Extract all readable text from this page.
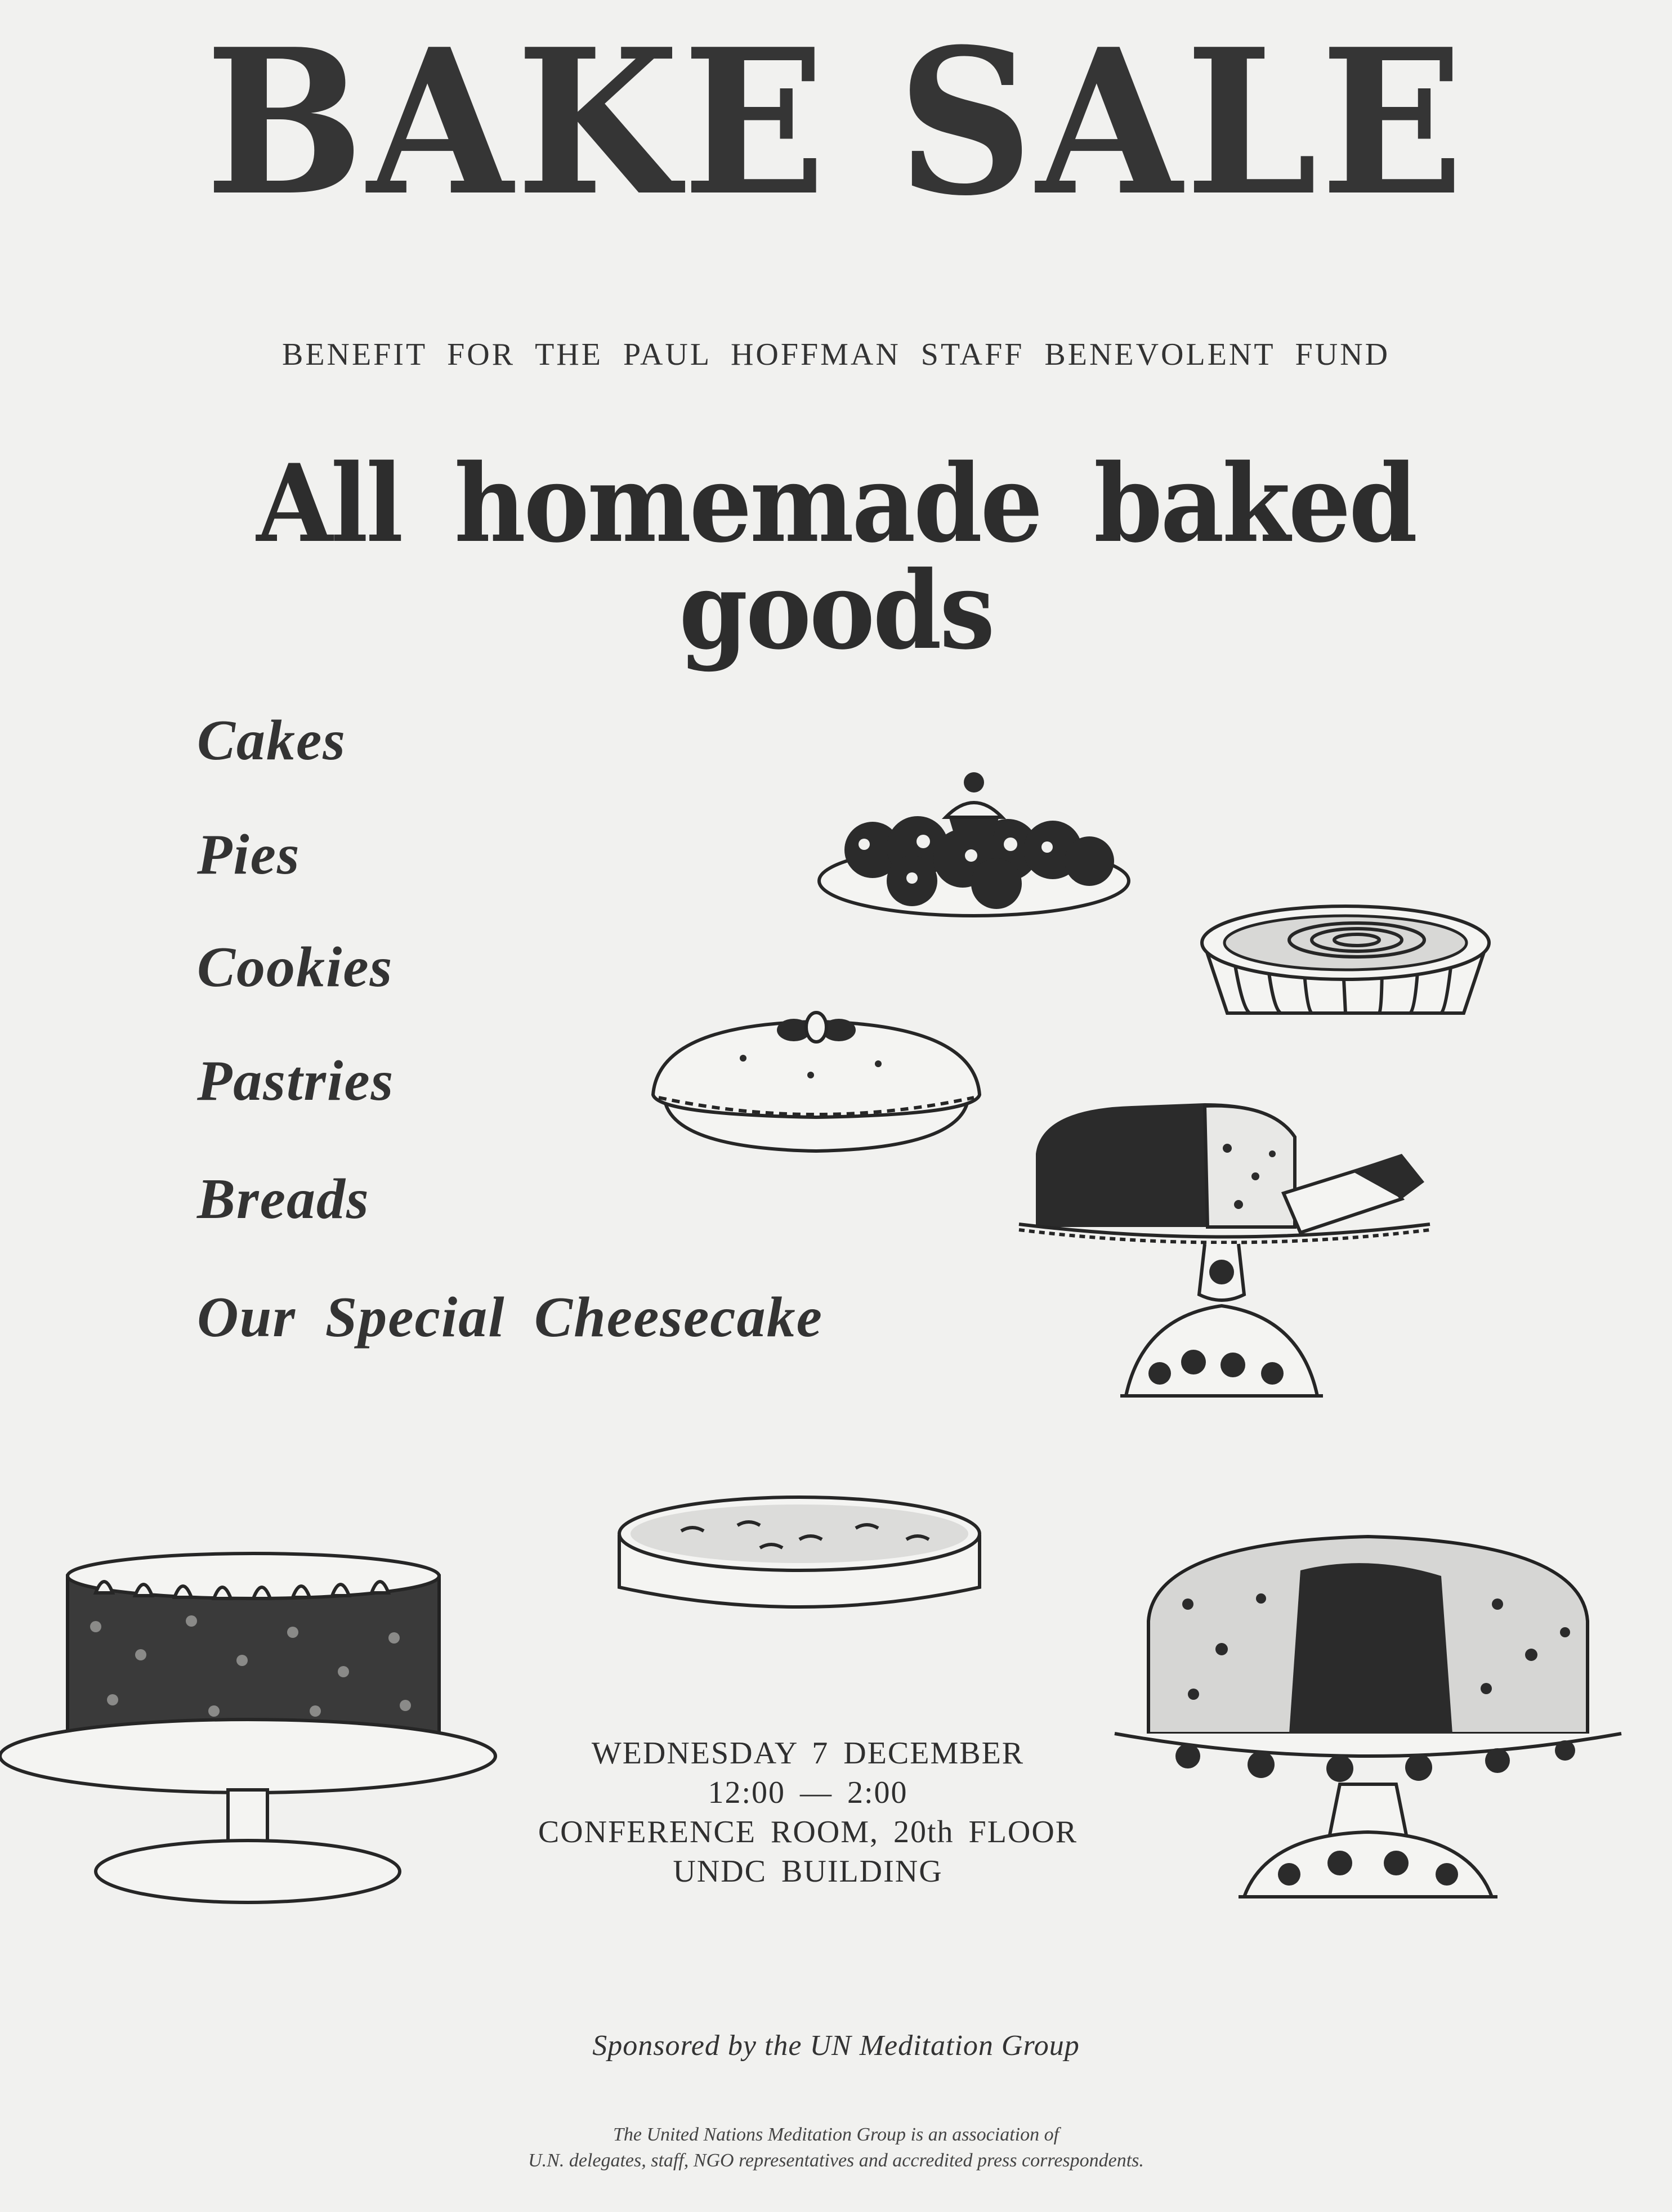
BAKE SALE
BENEFIT FOR THE PAUL HOFFMAN STAFF BENEVOLENT FUND
All homemade baked goods
Cakes
Pies
Cookies
Pastries
Breads
Our Special Cheesecake
WEDNESDAY 7 DECEMBER
12:00 — 2:00
CONFERENCE ROOM, 20th FLOOR
UNDC BUILDING
Sponsored by the UN Meditation Group
The United Nations Meditation Group is an association of
U.N. delegates, staff, NGO representatives and accredited press correspondents.
